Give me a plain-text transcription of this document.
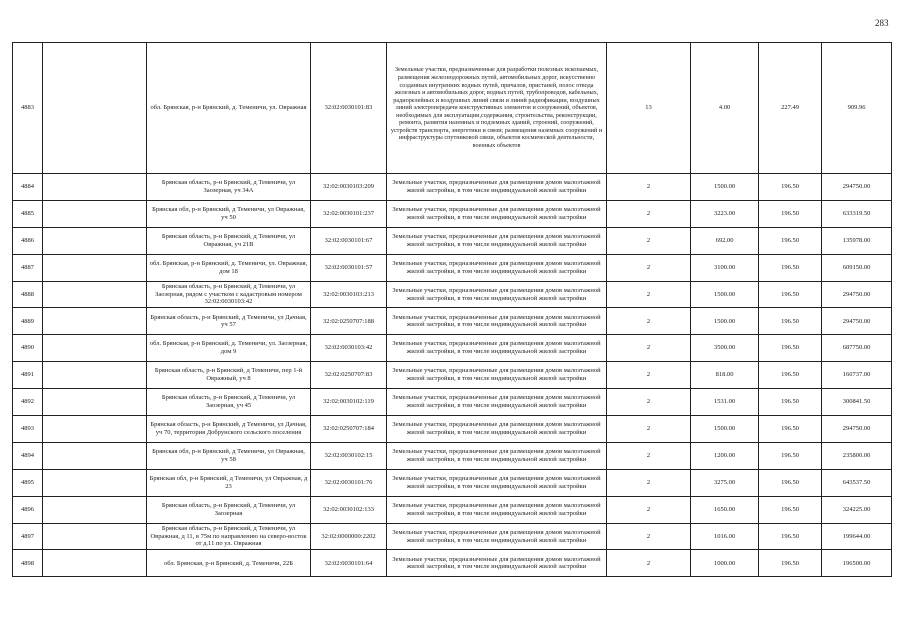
283
4883		обл. Брянская, р-н Брянский, д. Теменичи, ул. Овражная	32:02:0030101:83	Земельные участки, предназначенные для разработки полезных ископаемых, размещения железнодорожных путей, автомобильных дорог, искусственно созданных внутренних водных путей, причалов, пристаней, полос отвода железных и автомобильных дорог, водных путей, трубопроводов, кабельных, радиорелейных и воздушных линий связи и линий радиофикации, воздушных линий электропередачи конструктивных элементов и сооружений, объектов, необходимых для эксплуатации,содержания, строительства, реконструкции, ремонта, развития наземных и подземных зданий, строений, сооружений, устройств транспорта, энергетики и связи; размещения наземных сооружений и инфраструктуры спутниковой связи, объектов космической деятельности, военных объектов	13	4.00	227.49	909.96
4884		Брянская область, р-н Брянский, д Теменичи, ул Заозерная, уч 34А	32:02:0030103:209	Земельные участки, предназначенные для размещения домов малоэтажной жилой застройки, в том числе индивидуальной жилой застройки	2	1500.00	196.50	294750.00
4885		Брянская обл, р-н Брянский, д Теменичи, ул Овражная, уч 50	32:02:0030101:237	Земельные участки, предназначенные для размещения домов малоэтажной жилой застройки, в том числе индивидуальной жилой застройки	2	3223.00	196.50	633319.50
4886		Брянская область, р-н Брянский, д Теменичи, ул Овражная, уч 21В	32:02:0030101:67	Земельные участки, предназначенные для размещения домов малоэтажной жилой застройки, в том числе индивидуальной жилой застройки	2	692.00	196.50	135978.00
4887		обл. Брянская, р-н Брянский, д. Теменичи, ул. Овражная, дом 18	32:02:0030101:57	Земельные участки, предназначенные для размещения домов малоэтажной жилой застройки, в том числе индивидуальной жилой застройки	2	3100.00	196.50	609150.00
4888		Брянская область, р-н Брянский, д Теменичи, ул Заозерная, рядом с участком с кадастровым номером 32:02:0030103:42	32:02:0030103:213	Земельные участки, предназначенные для размещения домов малоэтажной жилой застройки, в том числе индивидуальной жилой застройки	2	1500.00	196.50	294750.00
4889		Брянская область, р-н Брянский, д Теменичи, ул Дачная, уч 57	32:02:0250707:188	Земельные участки, предназначенные для размещения домов малоэтажной жилой застройки, в том числе индивидуальной жилой застройки	2	1500.00	196.50	294750.00
4890		обл. Брянская, р-н Брянский, д. Теменичи, ул. Заозерная, дом 9	32:02:0030103:42	Земельные участки, предназначенные для размещения домов малоэтажной жилой застройки, в том числе индивидуальной жилой застройки	2	3500.00	196.50	687750.00
4891		Брянская область, р-н Брянский, д Теменичи, пер 1-й Овражный, уч 8	32:02:0250707:83	Земельные участки, предназначенные для размещения домов малоэтажной жилой застройки, в том числе индивидуальной жилой застройки	2	818.00	196.50	160737.00
4892		Брянская область, р-н Брянский, д Теменичи, ул Заозерная, уч 45	32:02:0030102:119	Земельные участки, предназначенные для размещения домов малоэтажной жилой застройки, в том числе индивидуальной жилой застройки	2	1531.00	196.50	300841.50
4893		Брянская область, р-н Брянский, д Теменичи, ул Дачная, уч 70, территория Добрунского сельского поселения	32:02:0250707:184	Земельные участки, предназначенные для размещения домов малоэтажной жилой застройки, в том числе индивидуальной жилой застройки	2	1500.00	196.50	294750.00
4894		Брянская обл, р-н Брянский, д Теменичи, ул Овражная, уч 58	32:02:0030102:15	Земельные участки, предназначенные для размещения домов малоэтажной жилой застройки, в том числе индивидуальной жилой застройки	2	1200.00	196.50	235800.00
4895		Брянская обл, р-н Брянский, д Теменичи, ул Овражная, д 23	32:02:0030101:76	Земельные участки, предназначенные для размещения домов малоэтажной жилой застройки, в том числе индивидуальной жилой застройки	2	3275.00	196.50	643537.50
4896		Брянская область, р-н Брянский, д Теменичи, ул Заозерная	32:02:0030102:133	Земельные участки, предназначенные для размещения домов малоэтажной жилой застройки, в том числе индивидуальной жилой застройки	2	1650.00	196.50	324225.00
4897		Брянская область, р-н Брянский, д Теменичи, ул Овражная, д 11, в 75м по направлению на северо-восток от д.11 по ул. Овражная	32:02:0000000:2202	Земельные участки, предназначенные для размещения домов малоэтажной жилой застройки, в том числе индивидуальной жилой застройки	2	1016.00	196.50	199644.00
4898		обл. Брянская, р-н Брянский, д. Теменичи, 22Б	32:02:0030101:64	Земельные участки, предназначенные для размещения домов малоэтажной жилой застройки, в том числе индивидуальной жилой застройки	2	1000.00	196.50	196500.00
